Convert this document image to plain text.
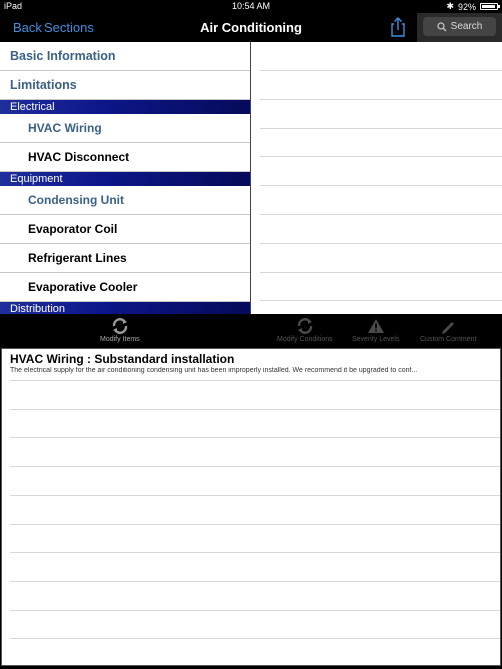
iPad	10:54 AM	✱ 92%
Back Sections	Air Conditioning	Search
Basic Information
Limitations
Electrical
HVAC Wiring
HVAC Disconnect
Equipment
Condensing Unit
Evaporator Coil
Refrigerant Lines
Evaporative Cooler
Distribution
Modify Items	Modify Conditions	Severity Levels	Custom Comment
HVAC Wiring : Substandard installation
The electrical supply for the air conditioning condensing unit has been improperly installed. We recommend it be upgraded to conf...
